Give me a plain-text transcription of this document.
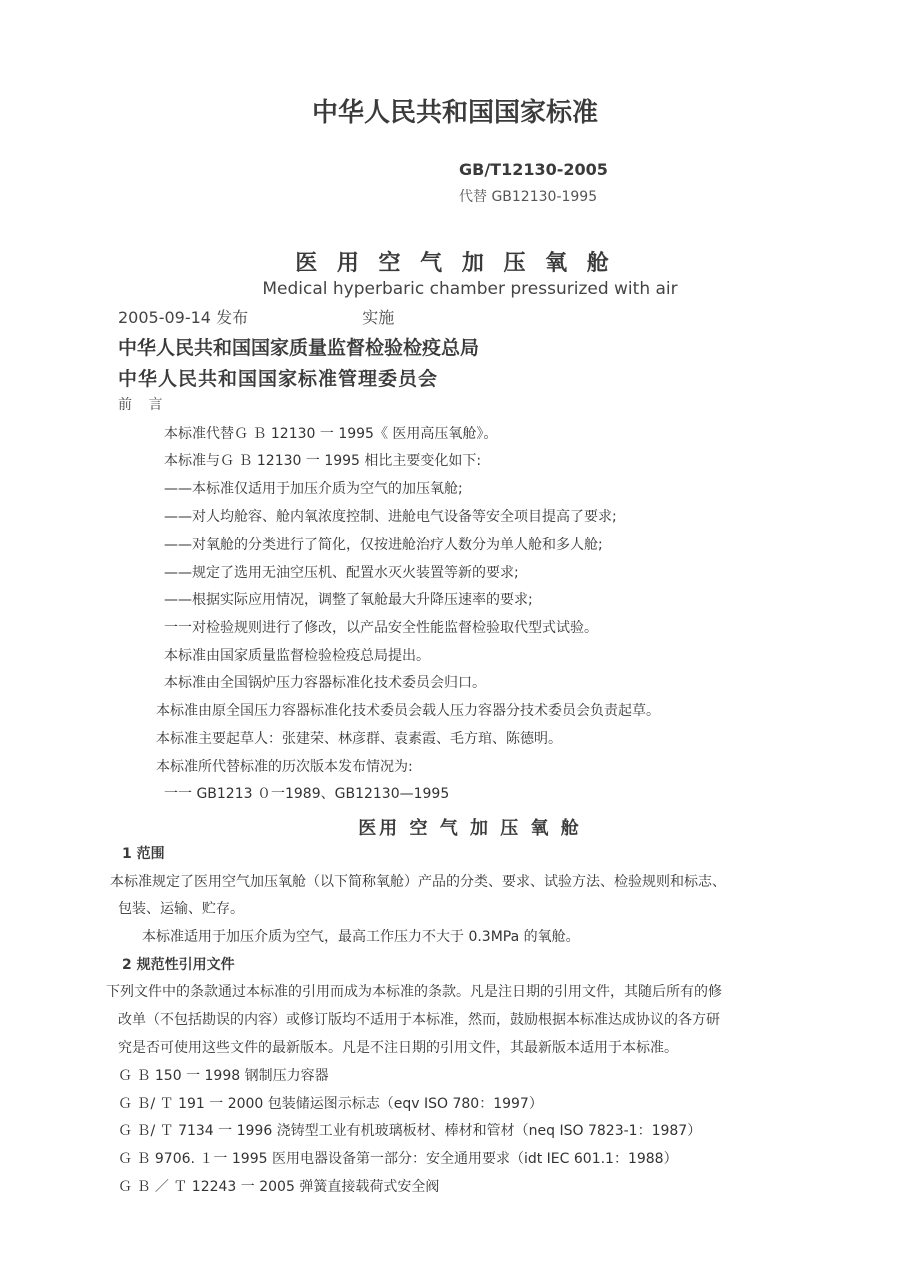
中华人民共和国国家标准
GB/T12130-2005
代替 GB12130-1995
医 用 空 气 加 压 氧 舱
Medical hyperbaric chamber pressurized with air
2005-09-14 发布	实施
中华人民共和国国家质量监督检验检疫总局
中华人民共和国国家标准管理委员会
前 言
本标准代替Ｇ Ｂ 12130 一 1995《 医用高压氧舱》。
本标准与Ｇ Ｂ 12130 一 1995 相比主要变化如下:
——本标准仅适用于加压介质为空气的加压氧舱;
——对人均舱容、舱内氧浓度控制、进舱电气设备等安全项目提高了要求;
——对氧舱的分类进行了简化，仅按进舱治疗人数分为单人舱和多人舱;
——规定了选用无油空压机、配置水灭火装置等新的要求;
——根据实际应用情况，调整了氧舱最大升降压速率的要求;
一一对检验规则进行了修改，以产品安全性能监督检验取代型式试验。
本标准由国家质量监督检验检疫总局提出。
本标准由全国锅炉压力容器标准化技术委员会归口。
本标准由原全国压力容器标准化技术委员会载人压力容器分技术委员会负责起草。
本标准主要起草人：张建荣、林彦群、袁素霞、毛方琯、陈德明。
本标准所代替标准的历次版本发布情况为:
一一 GB1213 ０一1989、GB12130—1995
医用 空 气 加 压 氧 舱
1 范围
本标准规定了医用空气加压氧舱（以下简称氧舱）产品的分类、要求、试验方法、检验规则和标志、
包装、运输、贮存。
本标准适用于加压介质为空气，最高工作压力不大于 0.3MPa 的氧舱。
2 规范性引用文件
下列文件中的条款通过本标准的引用而成为本标准的条款。凡是注日期的引用文件，其随后所有的修
改单（不包括勘误的内容）或修订版均不适用于本标准，然而，鼓励根据本标准达成协议的各方研
究是否可使用这些文件的最新版本。凡是不注日期的引用文件，其最新版本适用于本标准。
Ｇ Ｂ 150 一 1998 钢制压力容器
Ｇ Ｂ/ Ｔ 191 一 2000 包装储运图示标志（eqv ISO 780：1997）
Ｇ Ｂ/ Ｔ 7134 一 1996 浇铸型工业有机玻璃板材、棒材和管材（neq ISO 7823-1：1987）
Ｇ Ｂ 9706. １一 1995 医用电器设备第一部分：安全通用要求（idt IEC 601.1：1988）
Ｇ Ｂ ／ Ｔ 12243 一 2005 弹簧直接载荷式安全阀
